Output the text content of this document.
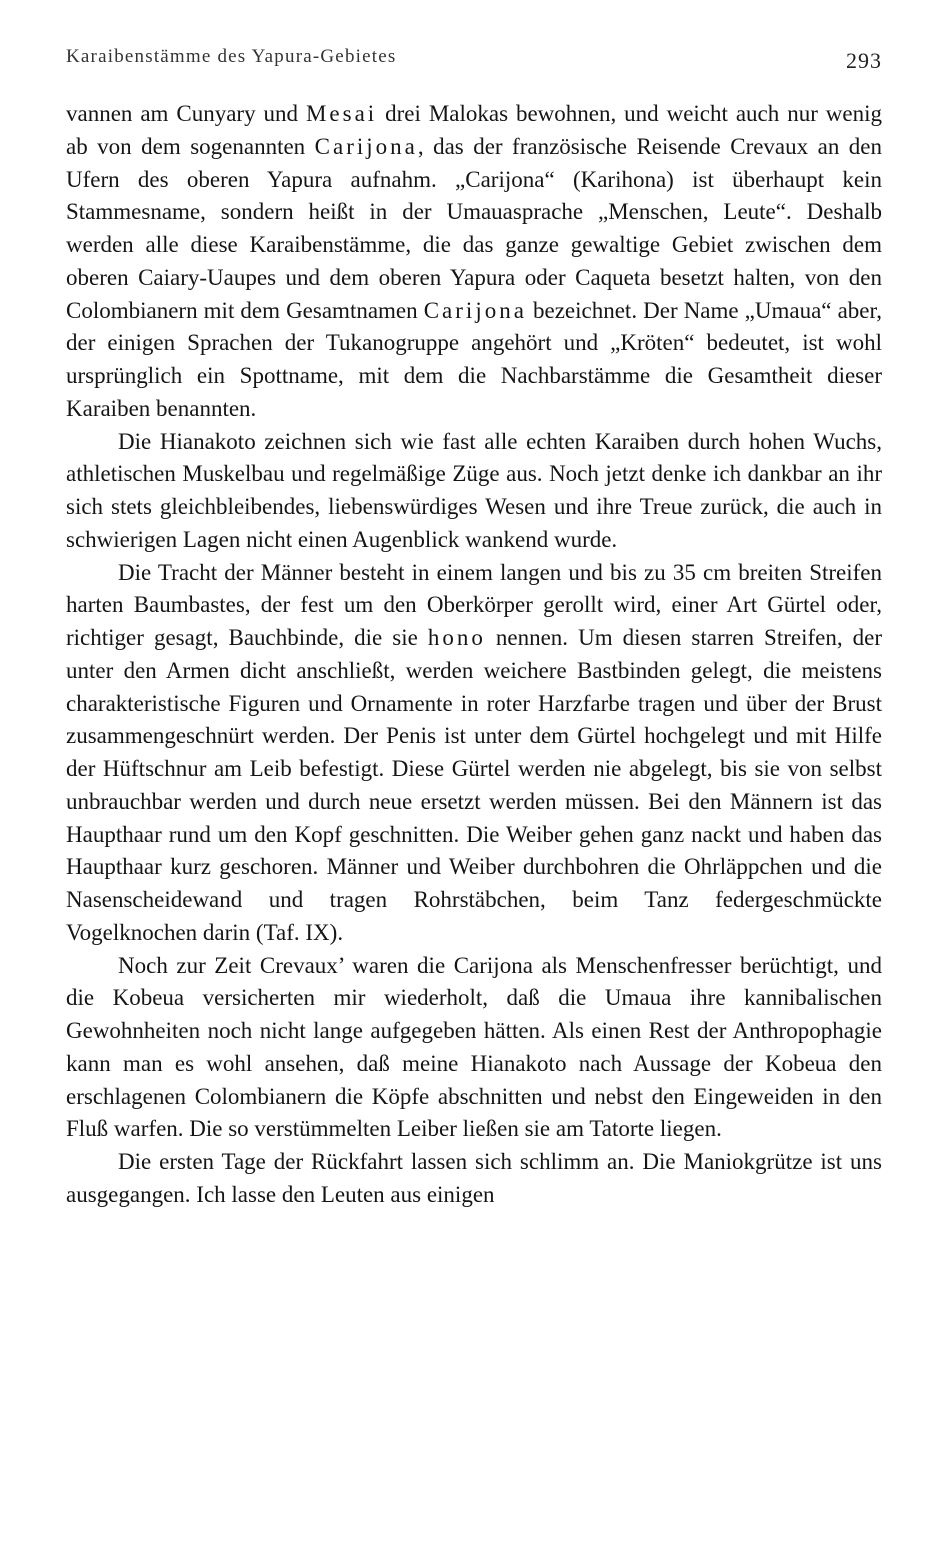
Karaibenstämme des Yapura-Gebietes	293

vannen am Cunyary und Mesai drei Malokas bewohnen, und weicht auch nur wenig ab von dem sogenannten Carijona, das der französische Reisende Crevaux an den Ufern des oberen Yapura aufnahm. „Carijona“ (Karihona) ist überhaupt kein Stammesname, sondern heißt in der Umauasprache „Menschen, Leute“. Deshalb werden alle diese Karaibenstämme, die das ganze gewaltige Gebiet zwischen dem oberen Caiary-Uaupes und dem oberen Yapura oder Caqueta besetzt halten, von den Colombianern mit dem Gesamtnamen Carijona bezeichnet. Der Name „Umaua“ aber, der einigen Sprachen der Tukanogruppe angehört und „Kröten“ bedeutet, ist wohl ursprünglich ein Spottname, mit dem die Nachbarstämme die Gesamtheit dieser Karaiben benannten.

Die Hianakoto zeichnen sich wie fast alle echten Karaiben durch hohen Wuchs, athletischen Muskelbau und regelmäßige Züge aus. Noch jetzt denke ich dankbar an ihr sich stets gleichbleibendes, liebenswürdiges Wesen und ihre Treue zurück, die auch in schwierigen Lagen nicht einen Augenblick wankend wurde.

Die Tracht der Männer besteht in einem langen und bis zu 35 cm breiten Streifen harten Baumbastes, der fest um den Oberkörper gerollt wird, einer Art Gürtel oder, richtiger gesagt, Bauchbinde, die sie hono nennen. Um diesen starren Streifen, der unter den Armen dicht anschließt, werden weichere Bastbinden gelegt, die meistens charakteristische Figuren und Ornamente in roter Harzfarbe tragen und über der Brust zusammengeschnürt werden. Der Penis ist unter dem Gürtel hochgelegt und mit Hilfe der Hüftschnur am Leib befestigt. Diese Gürtel werden nie abgelegt, bis sie von selbst unbrauchbar werden und durch neue ersetzt werden müssen. Bei den Männern ist das Haupthaar rund um den Kopf geschnitten. Die Weiber gehen ganz nackt und haben das Haupthaar kurz geschoren. Männer und Weiber durchbohren die Ohrläppchen und die Nasenscheidewand und tragen Rohrstäbchen, beim Tanz federgeschmückte Vogelknochen darin (Taf. IX).

Noch zur Zeit Crevaux’ waren die Carijona als Menschenfresser berüchtigt, und die Kobeua versicherten mir wiederholt, daß die Umaua ihre kannibalischen Gewohnheiten noch nicht lange aufgegeben hätten. Als einen Rest der Anthropophagie kann man es wohl ansehen, daß meine Hianakoto nach Aussage der Kobeua den erschlagenen Colombianern die Köpfe abschnitten und nebst den Eingeweiden in den Fluß warfen. Die so verstümmelten Leiber ließen sie am Tatorte liegen.

Die ersten Tage der Rückfahrt lassen sich schlimm an. Die Maniokgrütze ist uns ausgegangen. Ich lasse den Leuten aus einigen
